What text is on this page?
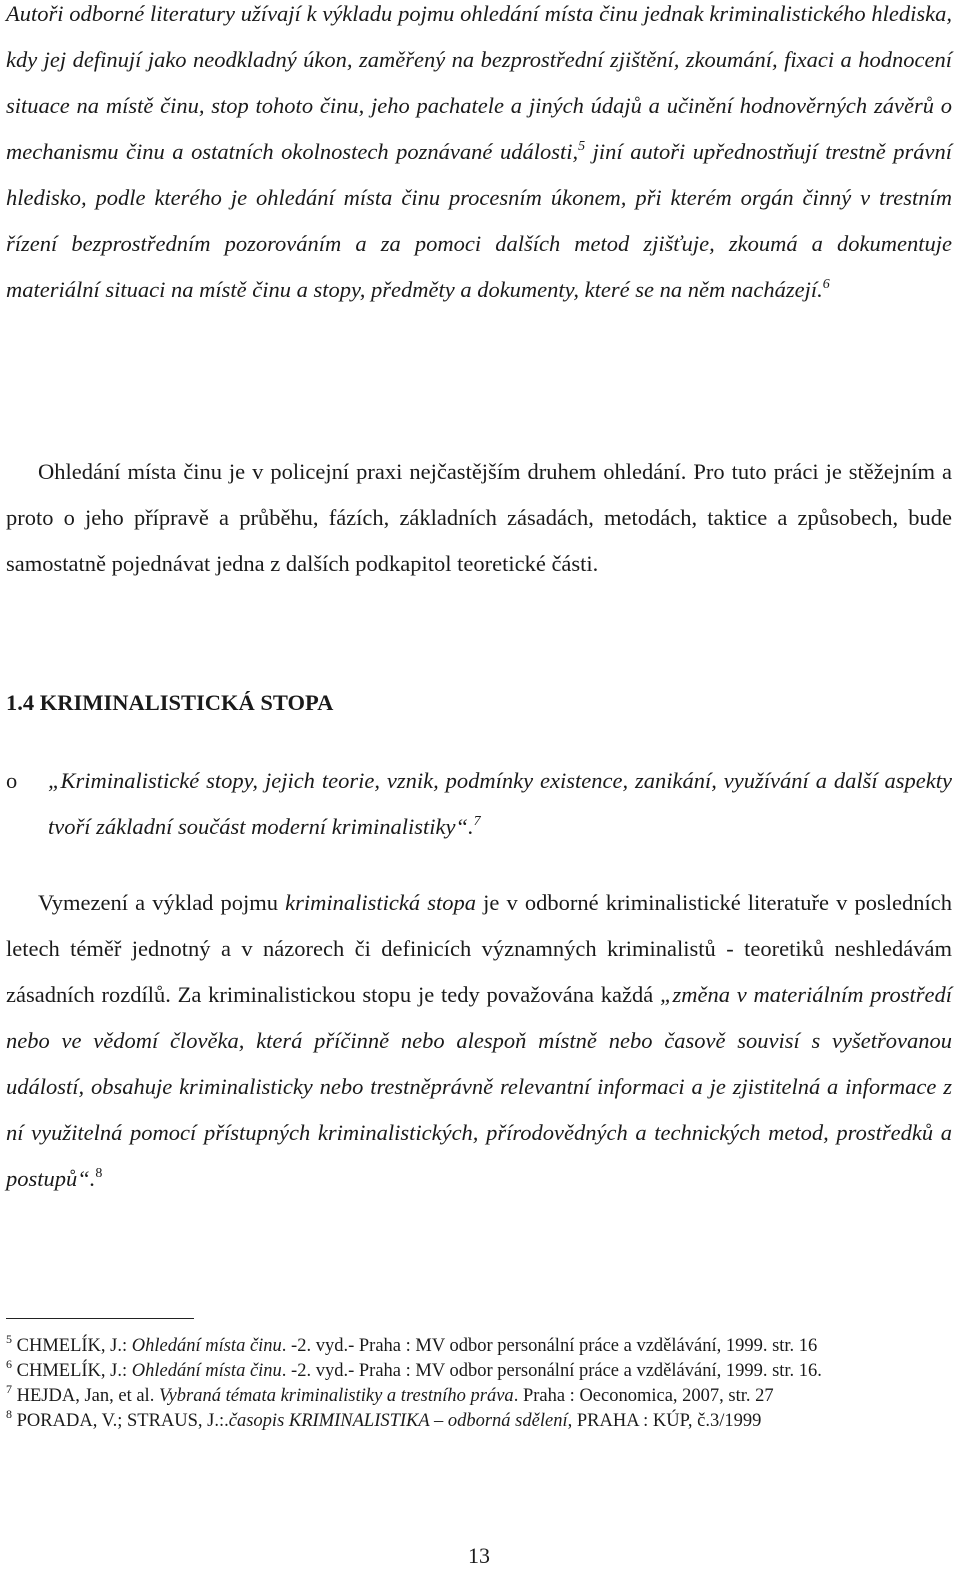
Autoři odborné literatury užívají k výkladu pojmu ohledání místa činu jednak kriminalistického hlediska, kdy jej definují jako neodkladný úkon, zaměřený na bezprostřední zjištění, zkoumání, fixaci a hodnocení situace na místě činu, stop tohoto činu, jeho pachatele a jiných údajů a učinění hodnověrných závěrů o mechanismu činu a ostatních okolnostech poznávané události,$^5$ jiní autoři upřednostňují trestně právní hledisko, podle kterého je ohledání místa činu procesním úkonem, při kterém orgán činný v trestním řízení bezprostředním pozorováním a za pomoci dalších metod zjišťuje, zkoumá a dokumentuje materiální situaci na místě činu a stopy, předměty a dokumenty, které se na něm nacházejí.$^6$

Ohledání místa činu je v policejní praxi nejčastějším druhem ohledání. Pro tuto práci je stěžejním a proto o jeho přípravě a průběhu, fázích, základních zásadách, metodách, taktice a způsobech, bude samostatně pojednávat jedna z dalších podkapitol teoretické části.

1.4 KRIMINALISTICKÁ STOPA
o „Kriminalistické stopy, jejich teorie, vznik, podmínky existence, zanikání, využívání a další aspekty tvoří základní součást moderní kriminalistiky“.$^7$

Vymezení a výklad pojmu kriminalistická stopa je v odborné kriminalistické literatuře v posledních letech téměř jednotný a v názorech či definicích významných kriminalistů - teoretiků neshledávám zásadních rozdílů. Za kriminalistickou stopu je tedy považována každá „změna v materiálním prostředí nebo ve vědomí člověka, která příčinně nebo alespoň místně nebo časově souvisí s vyšetřovanou událostí, obsahuje kriminalisticky nebo trestněprávně relevantní informaci a je zjistitelná a informace z ní využitelná pomocí přístupných kriminalistických, přírodovědných a technických metod, prostředků a postupů“.$^8$

$^5$ CHMELÍK, J.: Ohledání místa činu. -2. vyd.- Praha : MV odbor personální práce a vzdělávání, 1999. str. 16

$^6$ CHMELÍK, J.: Ohledání místa činu. -2. vyd.- Praha : MV odbor personální práce a vzdělávání, 1999. str. 16.

$^7$ HEJDA, Jan, et al. Vybraná témata kriminalistiky a trestního práva. Praha : Oeconomica, 2007, str. 27

$^8$ PORADA, V.; STRAUS, J.:.časopis KRIMINALISTIKA – odborná sdělení, PRAHA : KÚP, č.3/1999

13
